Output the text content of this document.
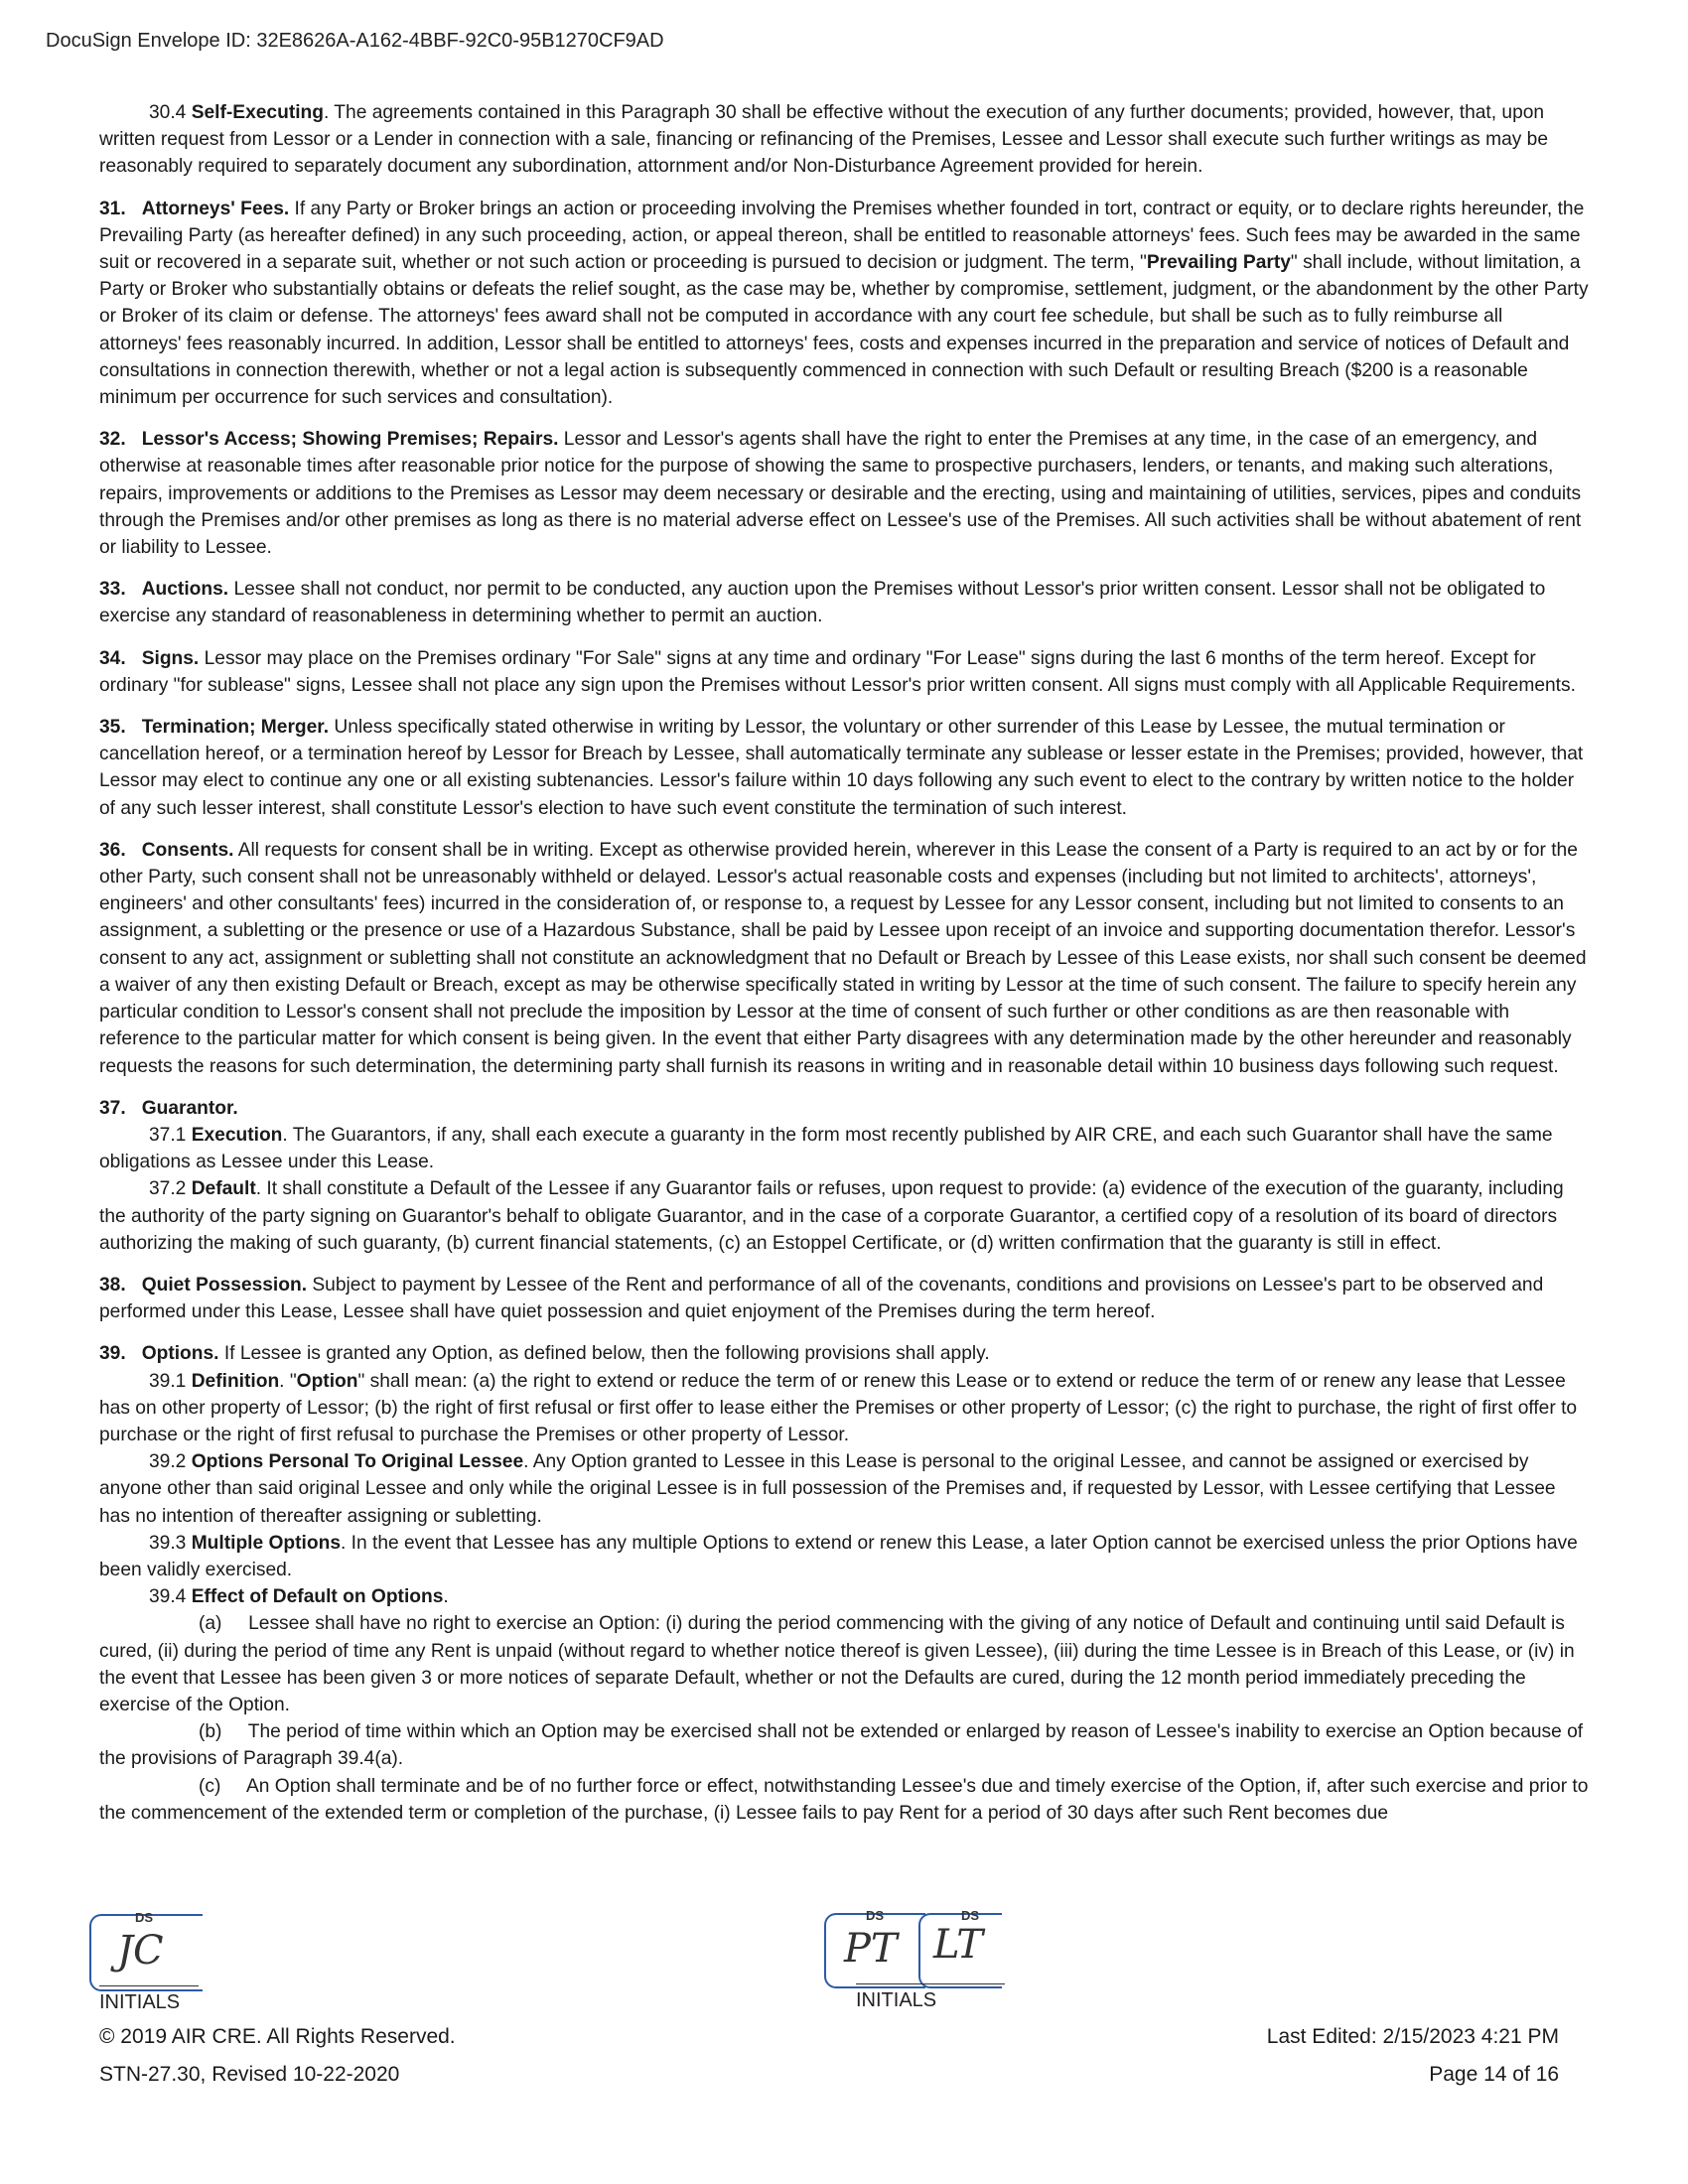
DocuSign Envelope ID: 32E8626A-A162-4BBF-92C0-95B1270CF9AD

30.4 Self-Executing. The agreements contained in this Paragraph 30 shall be effective without the execution of any further documents; provided, however, that, upon written request from Lessor or a Lender in connection with a sale, financing or refinancing of the Premises, Lessee and Lessor shall execute such further writings as may be reasonably required to separately document any subordination, attornment and/or Non-Disturbance Agreement provided for herein.

31. Attorneys' Fees. If any Party or Broker brings an action or proceeding involving the Premises whether founded in tort, contract or equity, or to declare rights hereunder, the Prevailing Party (as hereafter defined) in any such proceeding, action, or appeal thereon, shall be entitled to reasonable attorneys' fees. Such fees may be awarded in the same suit or recovered in a separate suit, whether or not such action or proceeding is pursued to decision or judgment. The term, "Prevailing Party" shall include, without limitation, a Party or Broker who substantially obtains or defeats the relief sought, as the case may be, whether by compromise, settlement, judgment, or the abandonment by the other Party or Broker of its claim or defense. The attorneys' fees award shall not be computed in accordance with any court fee schedule, but shall be such as to fully reimburse all attorneys' fees reasonably incurred. In addition, Lessor shall be entitled to attorneys' fees, costs and expenses incurred in the preparation and service of notices of Default and consultations in connection therewith, whether or not a legal action is subsequently commenced in connection with such Default or resulting Breach ($200 is a reasonable minimum per occurrence for such services and consultation).

32. Lessor's Access; Showing Premises; Repairs. Lessor and Lessor's agents shall have the right to enter the Premises at any time, in the case of an emergency, and otherwise at reasonable times after reasonable prior notice for the purpose of showing the same to prospective purchasers, lenders, or tenants, and making such alterations, repairs, improvements or additions to the Premises as Lessor may deem necessary or desirable and the erecting, using and maintaining of utilities, services, pipes and conduits through the Premises and/or other premises as long as there is no material adverse effect on Lessee's use of the Premises. All such activities shall be without abatement of rent or liability to Lessee.

33. Auctions. Lessee shall not conduct, nor permit to be conducted, any auction upon the Premises without Lessor's prior written consent. Lessor shall not be obligated to exercise any standard of reasonableness in determining whether to permit an auction.

34. Signs. Lessor may place on the Premises ordinary "For Sale" signs at any time and ordinary "For Lease" signs during the last 6 months of the term hereof. Except for ordinary "for sublease" signs, Lessee shall not place any sign upon the Premises without Lessor's prior written consent. All signs must comply with all Applicable Requirements.

35. Termination; Merger. Unless specifically stated otherwise in writing by Lessor, the voluntary or other surrender of this Lease by Lessee, the mutual termination or cancellation hereof, or a termination hereof by Lessor for Breach by Lessee, shall automatically terminate any sublease or lesser estate in the Premises; provided, however, that Lessor may elect to continue any one or all existing subtenancies. Lessor's failure within 10 days following any such event to elect to the contrary by written notice to the holder of any such lesser interest, shall constitute Lessor's election to have such event constitute the termination of such interest.

36. Consents. All requests for consent shall be in writing. Except as otherwise provided herein, wherever in this Lease the consent of a Party is required to an act by or for the other Party, such consent shall not be unreasonably withheld or delayed. Lessor's actual reasonable costs and expenses (including but not limited to architects', attorneys', engineers' and other consultants' fees) incurred in the consideration of, or response to, a request by Lessee for any Lessor consent, including but not limited to consents to an assignment, a subletting or the presence or use of a Hazardous Substance, shall be paid by Lessee upon receipt of an invoice and supporting documentation therefor. Lessor's consent to any act, assignment or subletting shall not constitute an acknowledgment that no Default or Breach by Lessee of this Lease exists, nor shall such consent be deemed a waiver of any then existing Default or Breach, except as may be otherwise specifically stated in writing by Lessor at the time of such consent. The failure to specify herein any particular condition to Lessor's consent shall not preclude the imposition by Lessor at the time of consent of such further or other conditions as are then reasonable with reference to the particular matter for which consent is being given. In the event that either Party disagrees with any determination made by the other hereunder and reasonably requests the reasons for such determination, the determining party shall furnish its reasons in writing and in reasonable detail within 10 business days following such request.

37. Guarantor.

37.1 Execution. The Guarantors, if any, shall each execute a guaranty in the form most recently published by AIR CRE, and each such Guarantor shall have the same obligations as Lessee under this Lease.

37.2 Default. It shall constitute a Default of the Lessee if any Guarantor fails or refuses, upon request to provide: (a) evidence of the execution of the guaranty, including the authority of the party signing on Guarantor's behalf to obligate Guarantor, and in the case of a corporate Guarantor, a certified copy of a resolution of its board of directors authorizing the making of such guaranty, (b) current financial statements, (c) an Estoppel Certificate, or (d) written confirmation that the guaranty is still in effect.

38. Quiet Possession. Subject to payment by Lessee of the Rent and performance of all of the covenants, conditions and provisions on Lessee's part to be observed and performed under this Lease, Lessee shall have quiet possession and quiet enjoyment of the Premises during the term hereof.

39. Options. If Lessee is granted any Option, as defined below, then the following provisions shall apply.

39.1 Definition. "Option" shall mean: (a) the right to extend or reduce the term of or renew this Lease or to extend or reduce the term of or renew any lease that Lessee has on other property of Lessor; (b) the right of first refusal or first offer to lease either the Premises or other property of Lessor; (c) the right to purchase, the right of first offer to purchase or the right of first refusal to purchase the Premises or other property of Lessor.

39.2 Options Personal To Original Lessee. Any Option granted to Lessee in this Lease is personal to the original Lessee, and cannot be assigned or exercised by anyone other than said original Lessee and only while the original Lessee is in full possession of the Premises and, if requested by Lessor, with Lessee certifying that Lessee has no intention of thereafter assigning or subletting.

39.3 Multiple Options. In the event that Lessee has any multiple Options to extend or renew this Lease, a later Option cannot be exercised unless the prior Options have been validly exercised.

39.4 Effect of Default on Options.

(a) Lessee shall have no right to exercise an Option: (i) during the period commencing with the giving of any notice of Default and continuing until said Default is cured, (ii) during the period of time any Rent is unpaid (without regard to whether notice thereof is given Lessee), (iii) during the time Lessee is in Breach of this Lease, or (iv) in the event that Lessee has been given 3 or more notices of separate Default, whether or not the Defaults are cured, during the 12 month period immediately preceding the exercise of the Option.

(b) The period of time within which an Option may be exercised shall not be extended or enlarged by reason of Lessee's inability to exercise an Option because of the provisions of Paragraph 39.4(a).

(c) An Option shall terminate and be of no further force or effect, notwithstanding Lessee's due and timely exercise of the Option, if, after such exercise and prior to the commencement of the extended term or completion of the purchase, (i) Lessee fails to pay Rent for a period of 30 days after such Rent becomes due

DS
JC
INITIALS
DS	DS
PT LT
INITIALS
© 2019 AIR CRE. All Rights Reserved.	Last Edited: 2/15/2023 4:21 PM
STN-27.30, Revised 10-22-2020	Page 14 of 16
